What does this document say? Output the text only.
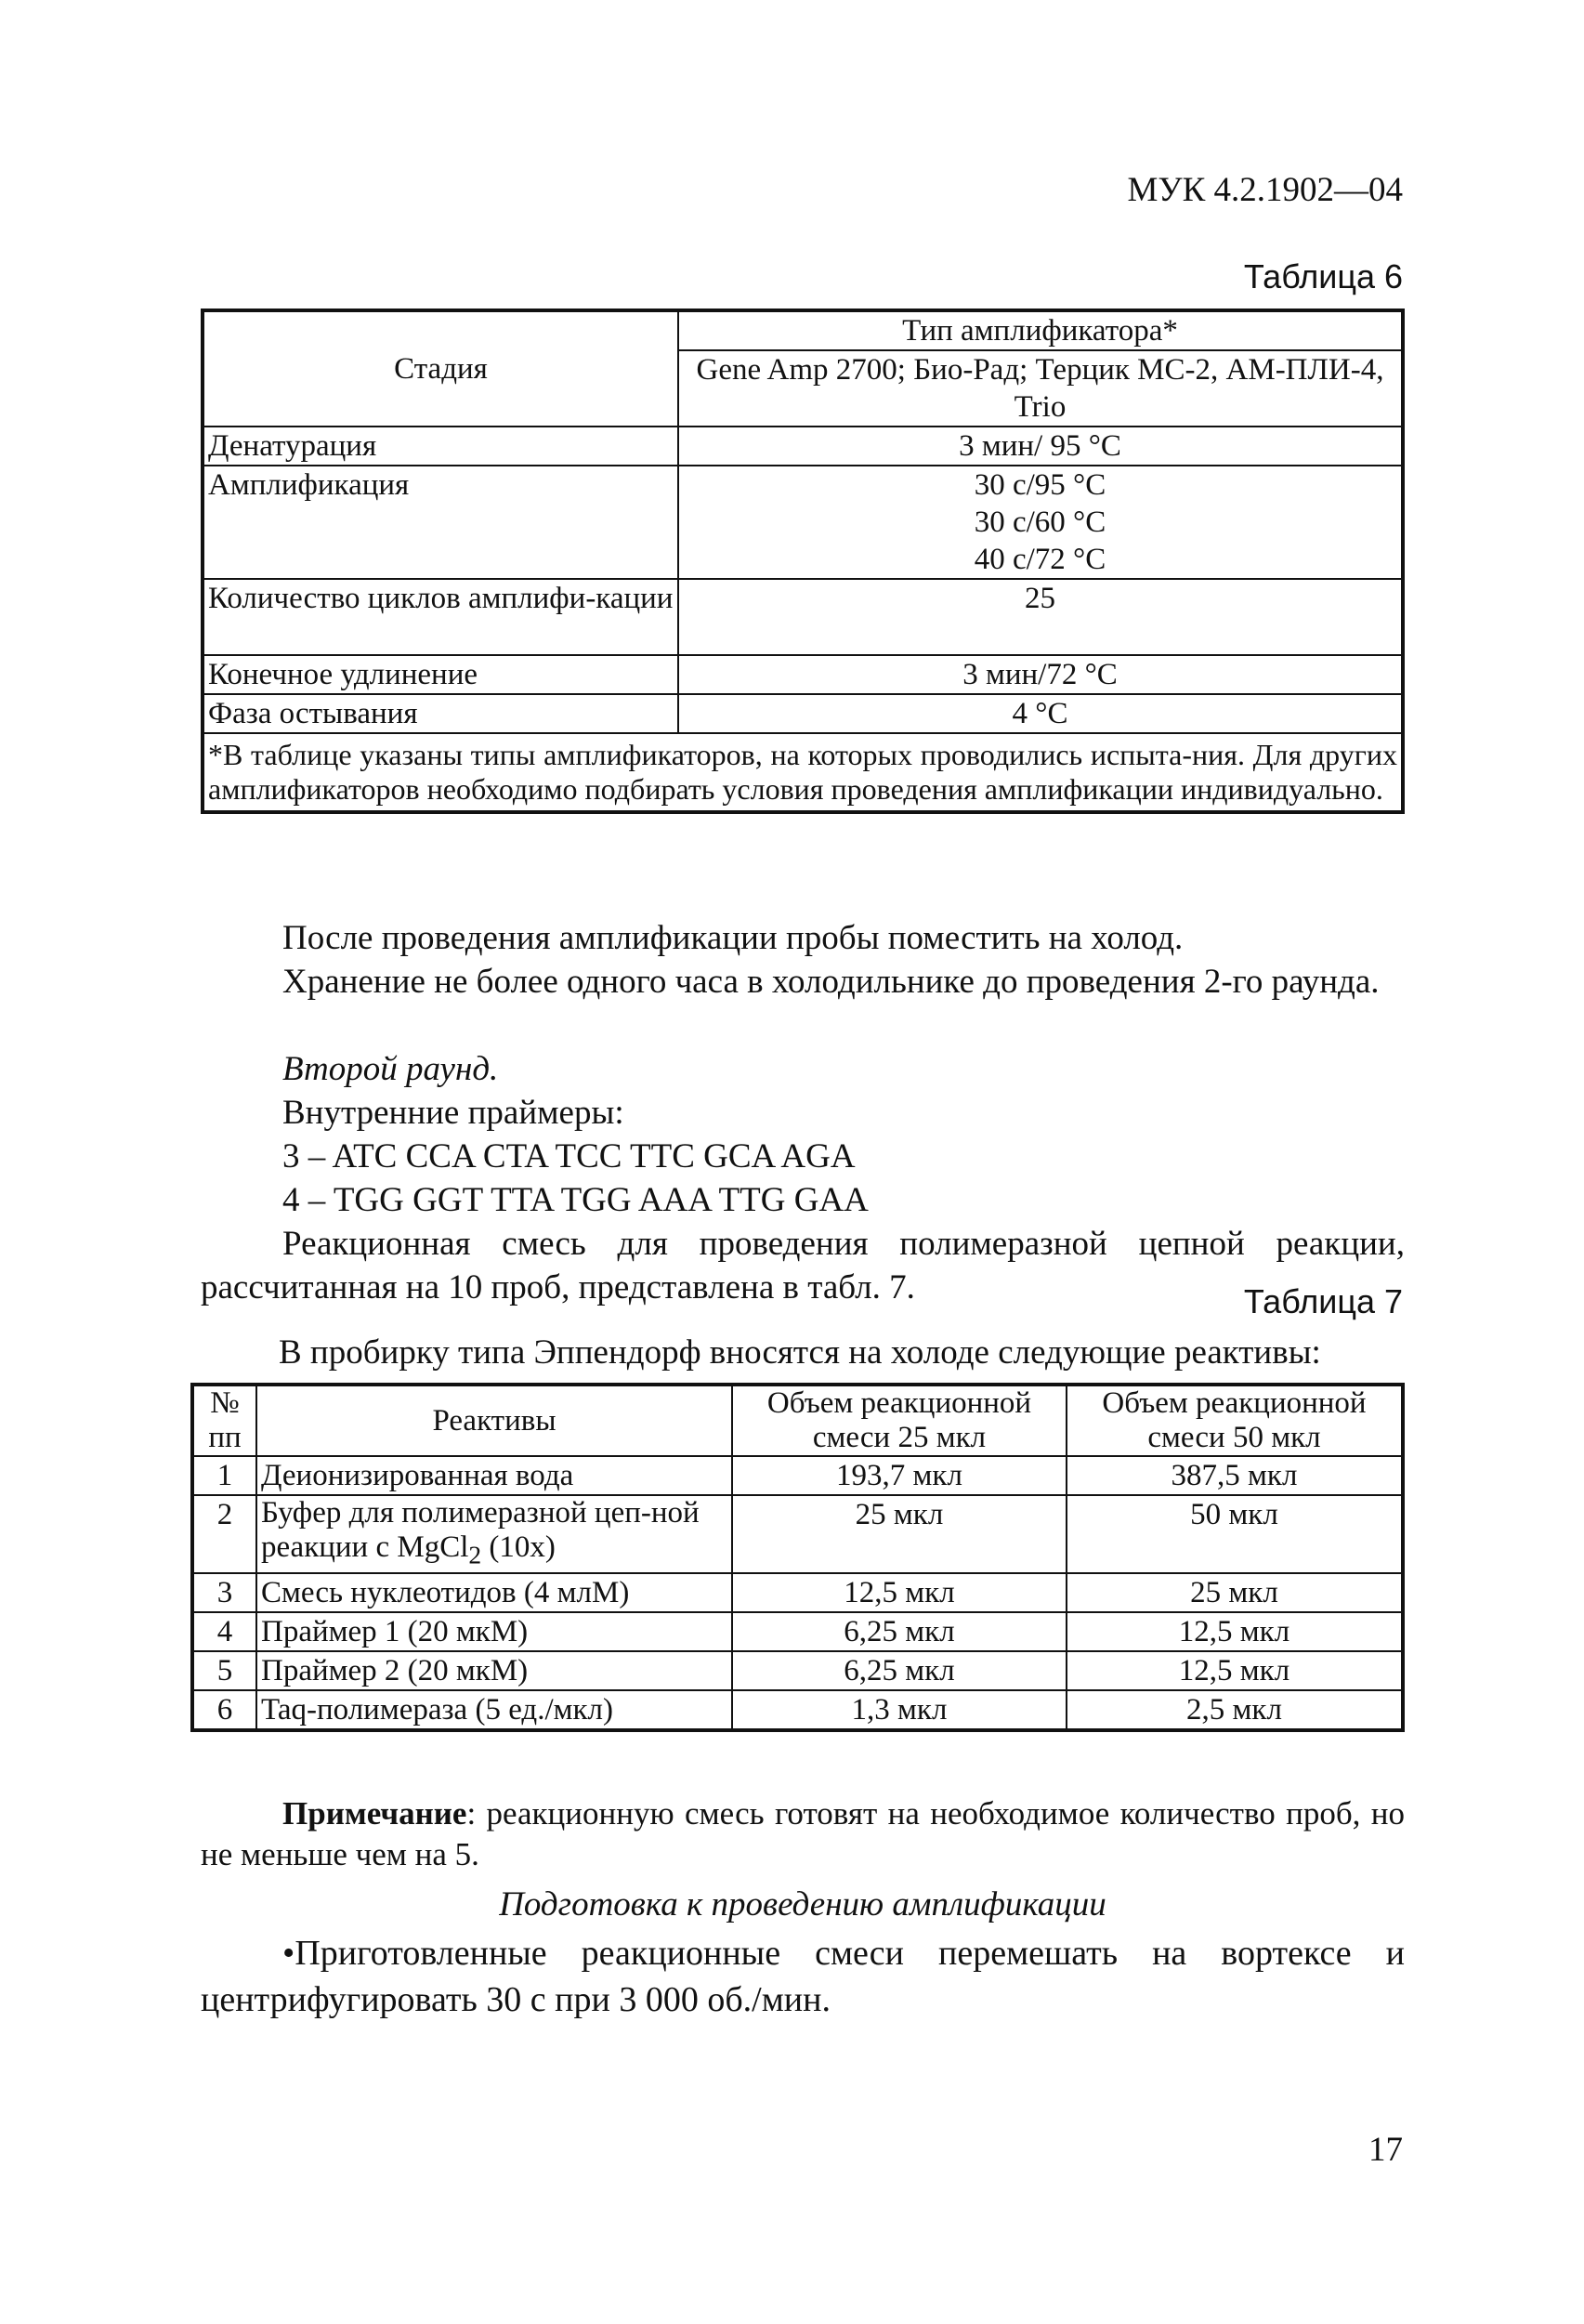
МУК 4.2.1902—04
Таблица 6
Стадия	Тип амплификатора*
	Gene Amp 2700; Био-Рад; Терцик МС-2, АМ-ПЛИ-4, Trio
Денатурация	3 мин/ 95 °С
Амплификация	30 с/95 °С
30 с/60 °С
40 с/72 °С

Количество циклов амплифи-кации	25
Конечное удлинение	3 мин/72 °С
Фаза остывания	4 °С
*В таблице указаны типы амплификаторов, на которых проводились испыта-ния. Для других амплификаторов необходимо подбирать условия проведения амплификации индивидуально.	
После проведения амплификации пробы поместить на холод.
Хранение не более одного часа в холодильнике до проведения 2-го раунда.
Второй раунд.
Внутренние праймеры:
3 – ATC CCA CTA TCC TTC GCA AGA
4 – TGG GGT TTA TGG AAA TTG GAA
Реакционная смесь для проведения полимеразной цепной реакции, рассчитанная на 10 проб, представлена в табл. 7.	Таблица 7
В пробирку типа Эппендорф вносятся на холоде следующие реактивы:
№ пп	Реактивы	Объем реакционной смеси 25 мкл	Объем реакционной смеси 50 мкл
1	Деионизированная вода	193,7 мкл	387,5 мкл
2	Буфер для полимеразной цеп-ной реакции с MgCl$_2$ (10х)	25 мкл	50 мкл
3	Смесь нуклеотидов (4 млМ)	12,5 мкл	25 мкл
4	Праймер 1 (20 мкМ)	6,25 мкл	12,5 мкл
5	Праймер 2 (20 мкМ)	6,25 мкл	12,5 мкл
6	Taq-полимераза (5 ед./мкл)	1,3 мкл	2,5 мкл
Примечание: реакционную смесь готовят на необходимое количество проб, но не меньше чем на 5.
Подготовка к проведению амплификации
•Приготовленные реакционные смеси перемешать на вортексе и центрифугировать 30 с при 3 000 об./мин.
17
